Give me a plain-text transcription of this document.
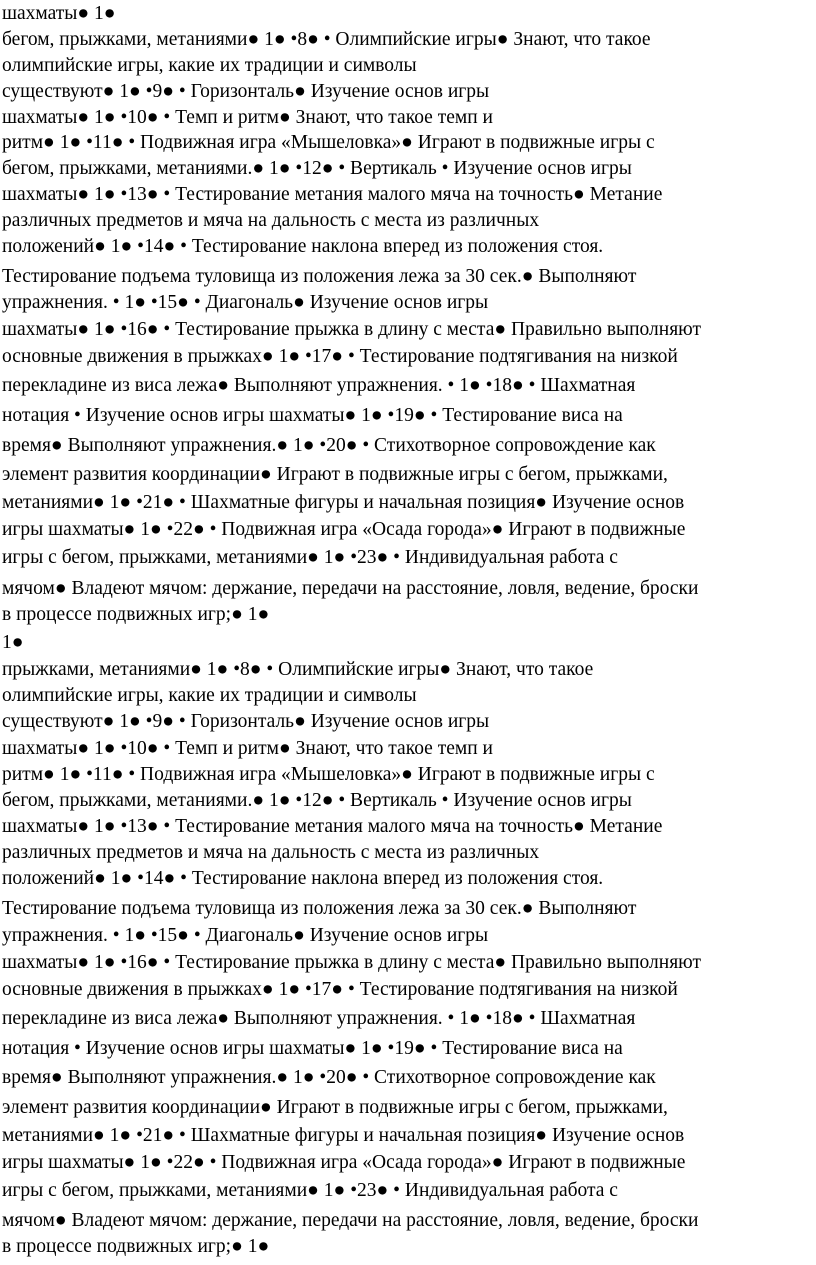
шахматы● 1●
бегом, прыжками, метаниями● 1● •8● • Олимпийские игры● Знают, что такое
олимпийские игры, какие их традиции и символы
существуют● 1● •9● • Горизонталь● Изучение основ игры
шахматы● 1● •10● • Темп и ритм● Знают, что такое темп и
ритм● 1● •11● • Подвижная игра «Мышеловка»● Играют в подвижные игры с
бегом, прыжками, метаниями.● 1● •12● • Вертикаль • Изучение основ игры
шахматы● 1● •13● • Тестирование метания малого мяча на точность● Метание
различных предметов и мяча на дальность с места из различных
положений● 1● •14● • Тестирование наклона вперед из положения стоя.
Тестирование подъема туловища из положения лежа за 30 сек.● Выполняют
упражнения. • 1● •15● • Диагональ● Изучение основ игры
шахматы● 1● •16● • Тестирование прыжка в длину с места● Правильно выполняют
основные движения в прыжках● 1● •17● • Тестирование подтягивания на низкой
перекладине из виса лежа● Выполняют упражнения. • 1● •18● • Шахматная
нотация • Изучение основ игры шахматы● 1● •19● • Тестирование виса на
время● Выполняют упражнения.● 1● •20● • Стихотворное сопровождение как
элемент развития координации● Играют в подвижные игры с бегом, прыжками,
метаниями● 1● •21● • Шахматные фигуры и начальная позиция● Изучение основ
игры шахматы● 1● •22● • Подвижная игра «Осада города»● Играют в подвижные
игры с бегом, прыжками, метаниями● 1● •23● • Индивидуальная работа с
мячом● Владеют мячом: держание, передачи на расстояние, ловля, ведение, броски
в процессе подвижных игр;● 1●
1●
прыжками, метаниями● 1● •8● • Олимпийские игры● Знают, что такое
олимпийские игры, какие их традиции и символы
существуют● 1● •9● • Горизонталь● Изучение основ игры
шахматы● 1● •10● • Темп и ритм● Знают, что такое темп и
ритм● 1● •11● • Подвижная игра «Мышеловка»● Играют в подвижные игры с
бегом, прыжками, метаниями.● 1● •12● • Вертикаль • Изучение основ игры
шахматы● 1● •13● • Тестирование метания малого мяча на точность● Метание
различных предметов и мяча на дальность с места из различных
положений● 1● •14● • Тестирование наклона вперед из положения стоя.
Тестирование подъема туловища из положения лежа за 30 сек.● Выполняют
упражнения. • 1● •15● • Диагональ● Изучение основ игры
шахматы● 1● •16● • Тестирование прыжка в длину с места● Правильно выполняют
основные движения в прыжках● 1● •17● • Тестирование подтягивания на низкой
перекладине из виса лежа● Выполняют упражнения. • 1● •18● • Шахматная
нотация • Изучение основ игры шахматы● 1● •19● • Тестирование виса на
время● Выполняют упражнения.● 1● •20● • Стихотворное сопровождение как
элемент развития координации● Играют в подвижные игры с бегом, прыжками,
метаниями● 1● •21● • Шахматные фигуры и начальная позиция● Изучение основ
игры шахматы● 1● •22● • Подвижная игра «Осада города»● Играют в подвижные
игры с бегом, прыжками, метаниями● 1● •23● • Индивидуальная работа с
мячом● Владеют мячом: держание, передачи на расстояние, ловля, ведение, броски
в процессе подвижных игр;● 1●
